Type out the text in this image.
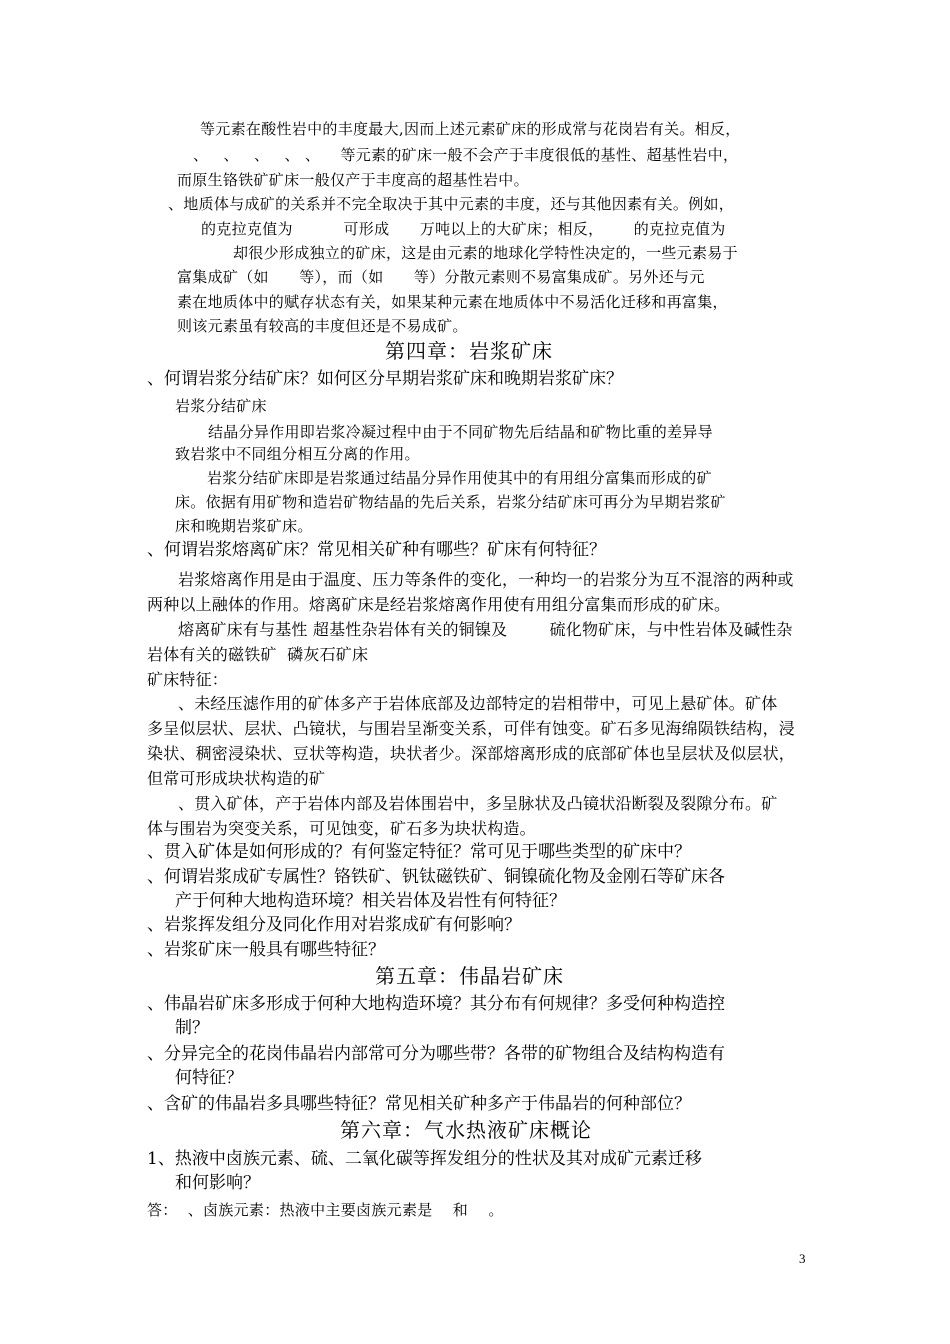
等元素在酸性岩中的丰度最大,因而上述元素矿床的形成常与花岗岩有关。相反，
、   、   、   、 、    等元素的矿床一般不会产于丰度很低的基性、超基性岩中，
而原生铬铁矿矿床一般仅产于丰度高的超基性岩中。
、地质体与成矿的关系并不完全取决于其中元素的丰度，还与其他因素有关。例如，
的克拉克值为          可形成      万吨以上的大矿床；相反，      的克拉克值为
却很少形成独立的矿床，这是由元素的地球化学特性决定的，一些元素易于
富集成矿（如      等），而（如      等）分散元素则不易富集成矿。另外还与元
素在地质体中的赋存状态有关，如果某种元素在地质体中不易活化迁移和再富集，
则该元素虽有较高的丰度但还是不易成矿。
第四章：岩浆矿床
、何谓岩浆分结矿床？如何区分早期岩浆矿床和晚期岩浆矿床？
岩浆分结矿床
结晶分异作用即岩浆冷凝过程中由于不同矿物先后结晶和矿物比重的差异导
致岩浆中不同组分相互分离的作用。
岩浆分结矿床即是岩浆通过结晶分异作用使其中的有用组分富集而形成的矿
床。依据有用矿物和造岩矿物结晶的先后关系，岩浆分结矿床可再分为早期岩浆矿
床和晚期岩浆矿床。
、何谓岩浆熔离矿床？常见相关矿种有哪些？矿床有何特征？
岩浆熔离作用是由于温度、压力等条件的变化，一种均一的岩浆分为互不混溶的两种或
两种以上融体的作用。熔离矿床是经岩浆熔离作用使有用组分富集而形成的矿床。
熔离矿床有与基性 超基性杂岩体有关的铜镍及        硫化物矿床，与中性岩体及碱性杂
岩体有关的磁铁矿  磷灰石矿床
矿床特征：
、未经压滤作用的矿体多产于岩体底部及边部特定的岩相带中，可见上悬矿体。矿体
多呈似层状、层状、凸镜状，与围岩呈渐变关系，可伴有蚀变。矿石多见海绵陨铁结构，浸
染状、稠密浸染状、豆状等构造，块状者少。深部熔离形成的底部矿体也呈层状及似层状，
但常可形成块状构造的矿
、贯入矿体，产于岩体内部及岩体围岩中，多呈脉状及凸镜状沿断裂及裂隙分布。矿
体与围岩为突变关系，可见蚀变，矿石多为块状构造。
、贯入矿体是如何形成的？有何鉴定特征？常可见于哪些类型的矿床中？
、何谓岩浆成矿专属性？铬铁矿、钒钛磁铁矿、铜镍硫化物及金刚石等矿床各
产于何种大地构造环境？相关岩体及岩性有何特征？
、岩浆挥发组分及同化作用对岩浆成矿有何影响？
、岩浆矿床一般具有哪些特征？
第五章：伟晶岩矿床
、伟晶岩矿床多形成于何种大地构造环境？其分布有何规律？多受何种构造控
制？
、分异完全的花岗伟晶岩内部常可分为哪些带？各带的矿物组合及结构构造有
何特征？
、含矿的伟晶岩多具哪些特征？常见相关矿种多产于伟晶岩的何种部位？
第六章：气水热液矿床概论
1、热液中卤族元素、硫、二氧化碳等挥发组分的性状及其对成矿元素迁移
和何影响？
答：  、卤族元素：热液中主要卤族元素是    和    。
3
